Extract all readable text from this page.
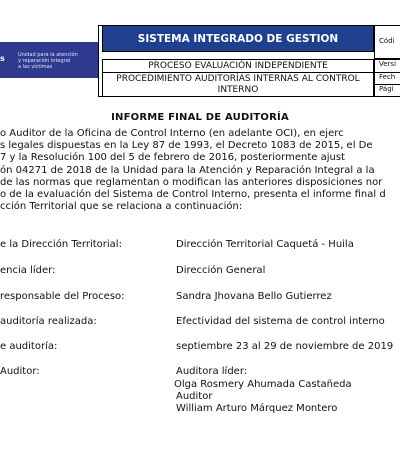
s	Unidad para la atención
y reparación integral
a las víctimas
SISTEMA INTEGRADO DE GESTION
PROCESO EVALUACIÓN INDEPENDIENTE
PROCEDIMIENTO AUDITORÍAS INTERNAS AL CONTROL INTERNO
Códi
Versi
Fech
Pági
INFORME FINAL DE AUDITORÍA
o Auditor de la Oficina de Control Interno (en adelante OCI), en ejerc
s legales dispuestas en la Ley 87 de 1993, el Decreto 1083 de 2015, el De
7 y la Resolución 100 del 5 de febrero de 2016, posteriormente ajust
ón 04271 de 2018 de la Unidad para la Atención y Reparación Integral a la
de las normas que reglamentan o modifican las anteriores disposiciones nor
o de la evaluación del Sistema de Control Interno, presenta el informe final d
cción Territorial que se relaciona a continuación:
e la Dirección Territorial:	Dirección Territorial Caquetá - Huila
encia líder:	Dirección General
responsable del Proceso:	Sandra Jhovana Bello Gutierrez
auditoría realizada:	Efectividad del sistema de control interno
e auditoría:	septiembre 23 al 29 de noviembre de 2019
Auditor:	Auditora líder:
Olga Rosmery Ahumada Castañeda
Auditor
William Arturo Márquez Montero
